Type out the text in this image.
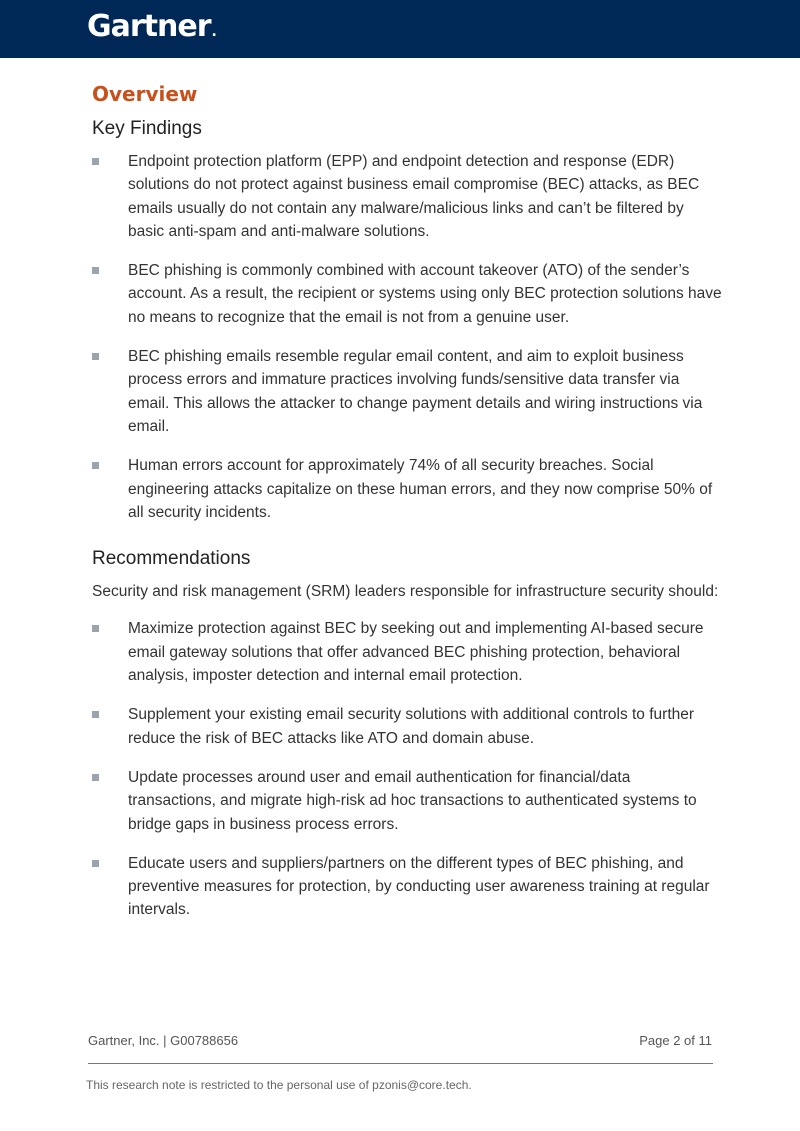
Gartner.
Overview
Key Findings
Endpoint protection platform (EPP) and endpoint detection and response (EDR) solutions do not protect against business email compromise (BEC) attacks, as BEC emails usually do not contain any malware/malicious links and can’t be filtered by basic anti-spam and anti-malware solutions.
BEC phishing is commonly combined with account takeover (ATO) of the sender’s account. As a result, the recipient or systems using only BEC protection solutions have no means to recognize that the email is not from a genuine user.
BEC phishing emails resemble regular email content, and aim to exploit business process errors and immature practices involving funds/sensitive data transfer via email. This allows the attacker to change payment details and wiring instructions via email.
Human errors account for approximately 74% of all security breaches. Social engineering attacks capitalize on these human errors, and they now comprise 50% of all security incidents.
Recommendations

Security and risk management (SRM) leaders responsible for infrastructure security should:

Maximize protection against BEC by seeking out and implementing AI-based secure email gateway solutions that offer advanced BEC phishing protection, behavioral analysis, imposter detection and internal email protection.
Supplement your existing email security solutions with additional controls to further reduce the risk of BEC attacks like ATO and domain abuse.
Update processes around user and email authentication for financial/data transactions, and migrate high-risk ad hoc transactions to authenticated systems to bridge gaps in business process errors.
Educate users and suppliers/partners on the different types of BEC phishing, and preventive measures for protection, by conducting user awareness training at regular intervals.
Gartner, Inc. | G00788656	Page 2 of 11
This research note is restricted to the personal use of pzonis@core.tech.
